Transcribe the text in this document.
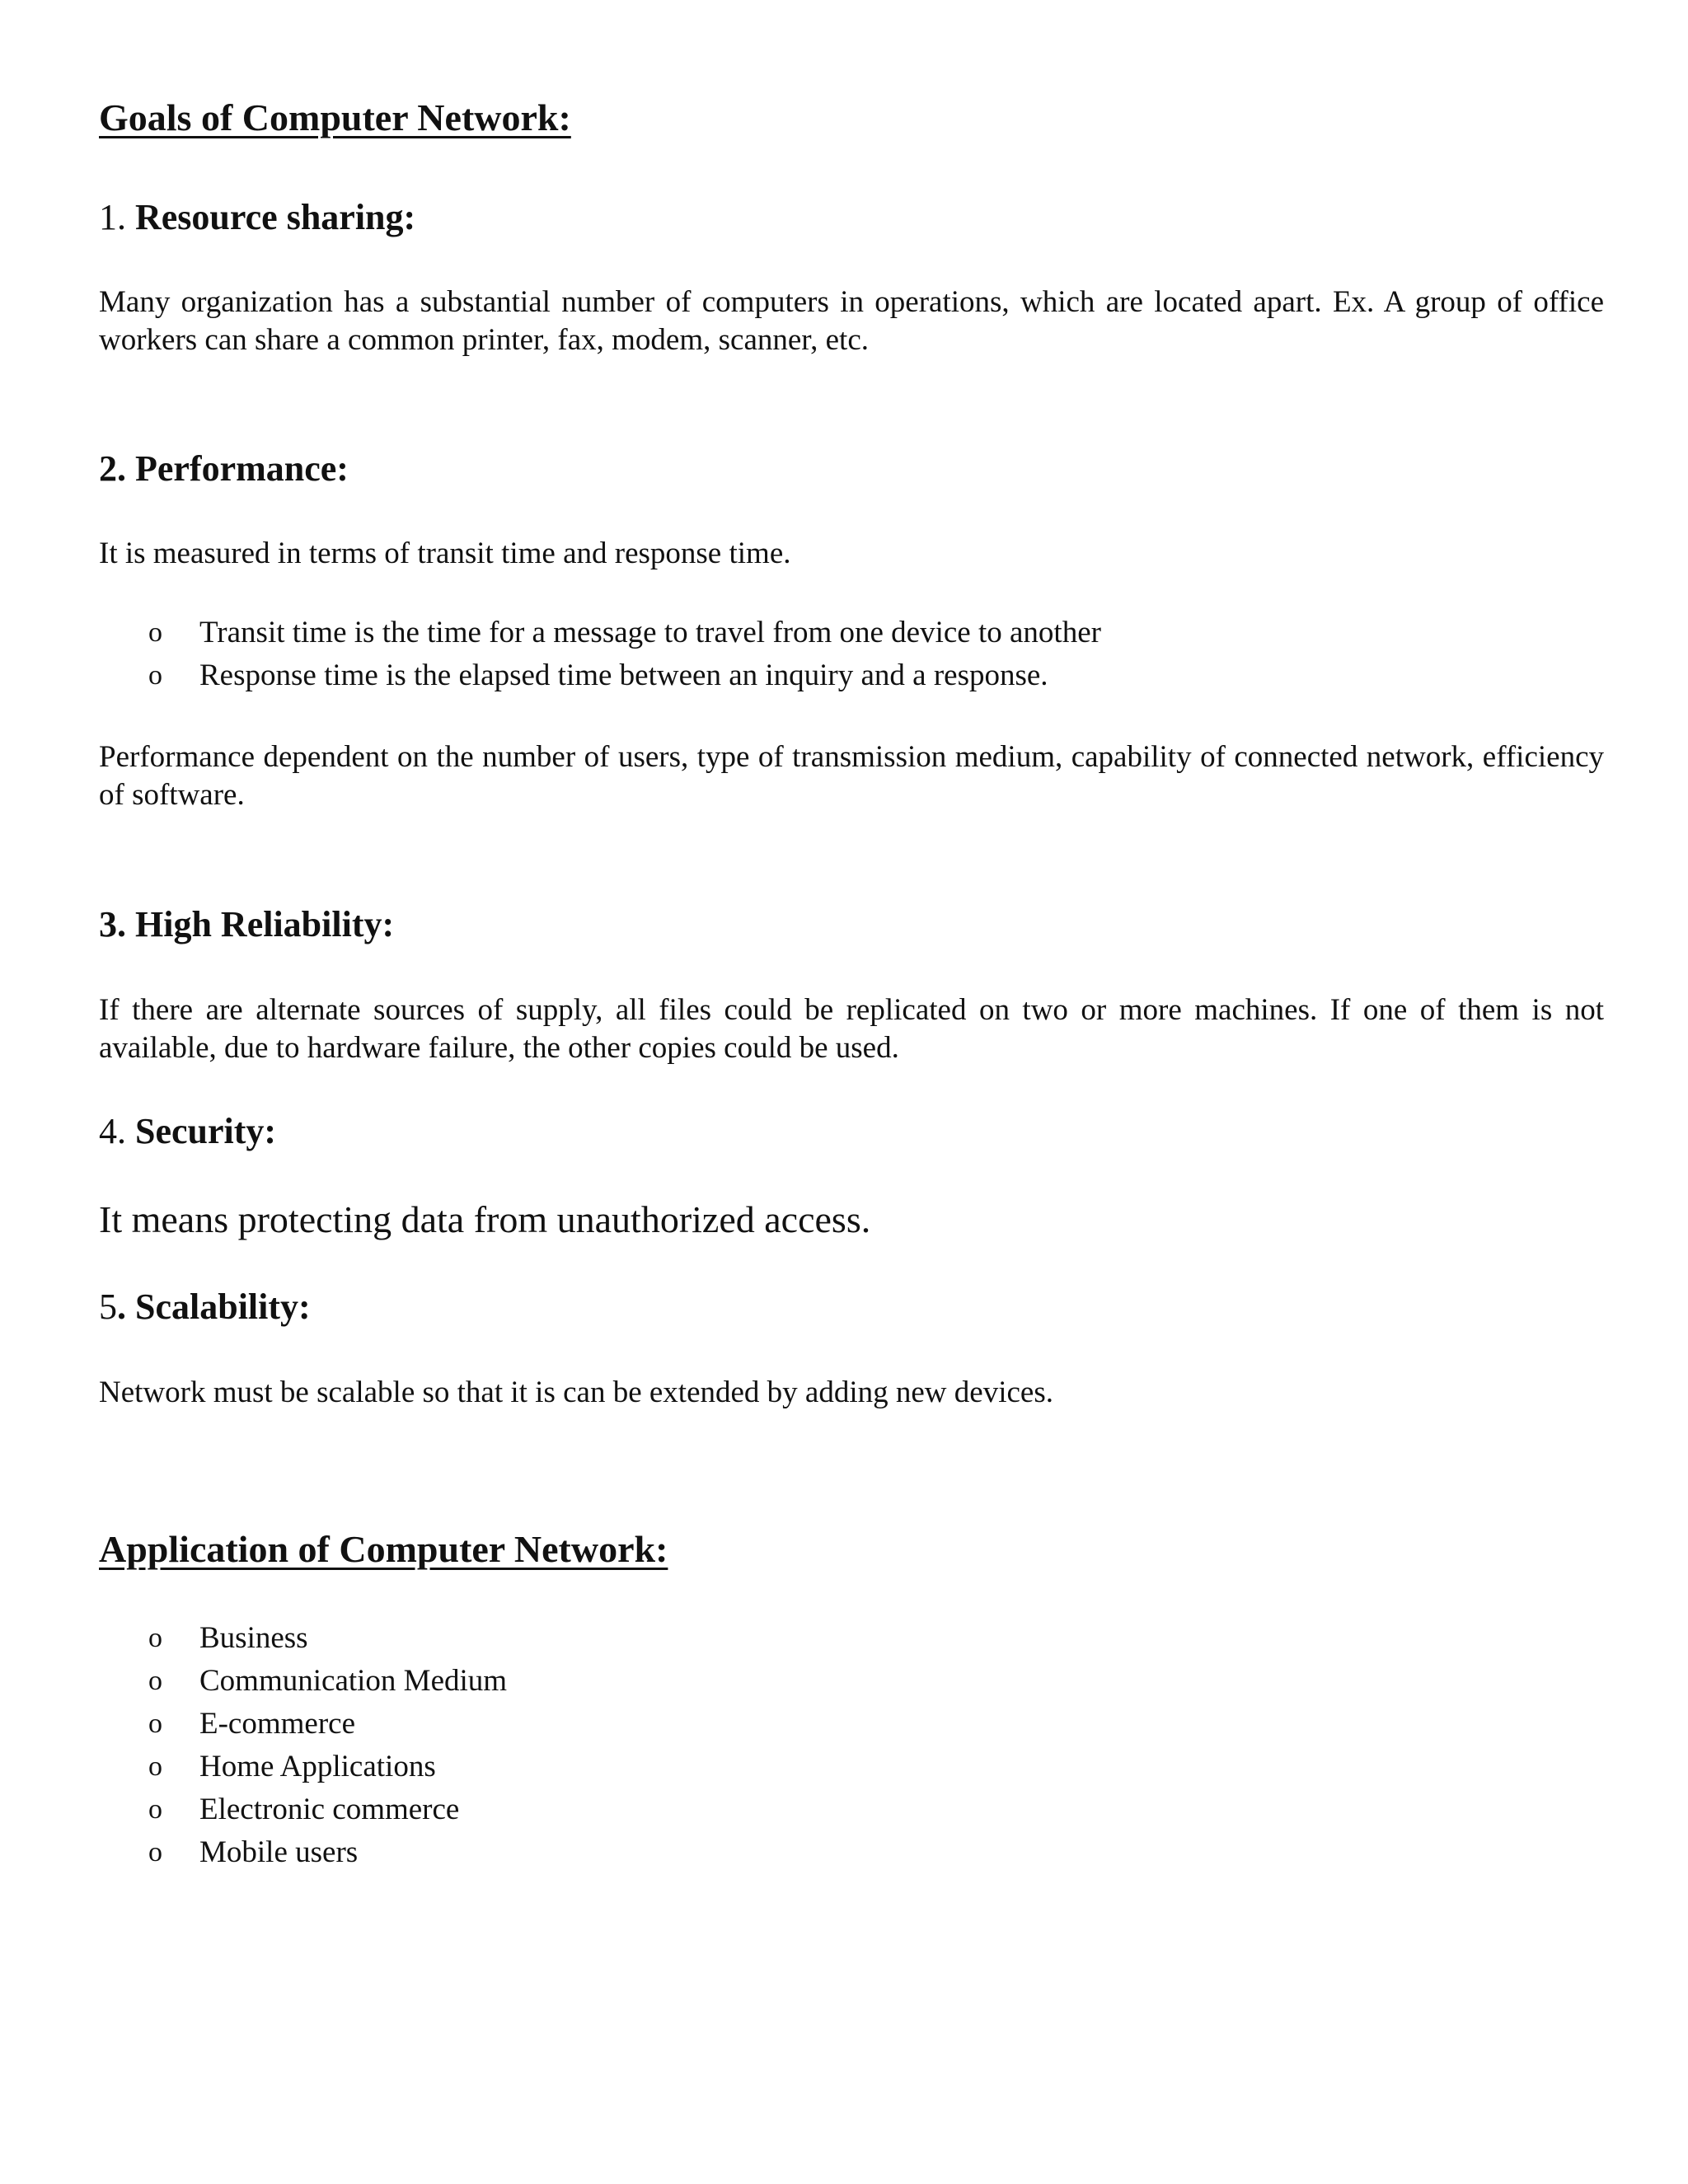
Goals of Computer Network:
1. Resource sharing:

Many organization has a substantial number of computers in operations, which are located apart. Ex. A group of office workers can share a common printer, fax, modem, scanner, etc.

2. Performance:

It is measured in terms of transit time and response time.

o Transit time is the time for a message to travel from one device to another
o Response time is the elapsed time between an inquiry and a response.

Performance dependent on the number of users, type of transmission medium, capability of connected network, efficiency of software.

3. High Reliability:

If there are alternate sources of supply, all files could be replicated on two or more machines. If one of them is not available, due to hardware failure, the other copies could be used.

4. Security:

It means protecting data from unauthorized access.

5. Scalability:

Network must be scalable so that it is can be extended by adding new devices.

Application of Computer Network:
o Business
o Communication Medium
o E-commerce
o Home Applications
o Electronic commerce
o Mobile users
